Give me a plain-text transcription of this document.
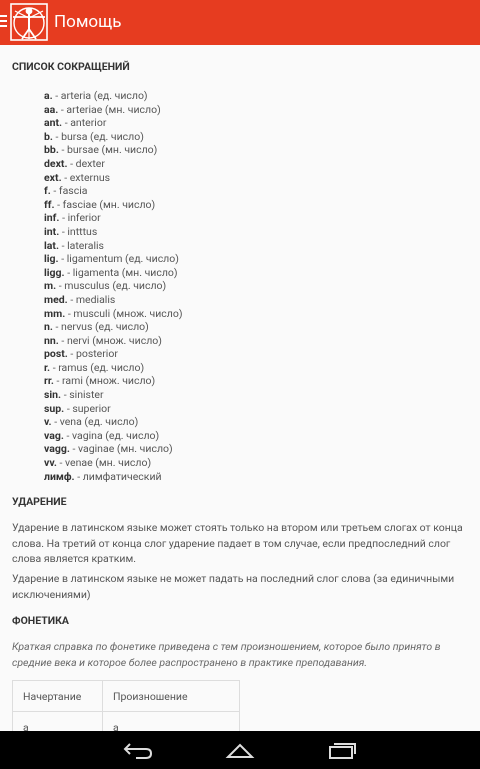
Помощь
СПИСОК СОКРАЩЕНИЙ
a. - arteria (ед. число)
aa. - arteriae (мн. число)
ant. - anterior
b. - bursa (ед. число)
bb. - bursae (мн. число)
dext. - dexter
ext. - externus
f. - fascia
ff. - fasciae (мн. число)
inf. - inferior
int. - intttus
lat. - lateralis
lig. - ligamentum (ед. число)
ligg. - ligamenta (мн. число)
m. - musculus (ед. число)
med. - medialis
mm. - musculi (множ. число)
n. - nervus (ед. число)
nn. - nervi (множ. число)
post. - posterior
r. - ramus (ед. число)
rr. - rami (множ. число)
sin. - sinister
sup. - superior
v. - vena (ед. число)
vag. - vagina (ед. число)
vagg. - vaginae (мн. число)
vv. - venae (мн. число)
лимф. - лимфатический
УДАРЕНИЕ
Ударение в латинском языке может стоять только на втором или третьем слогах от конца слова. На третий от конца слог ударение падает в том случае, если предпоследний слог слова является кратким.
Ударение в латинском языке не может падать на последний слог слова (за единичными исключениями)
ФОНЕТИКА
Краткая справка по фонетике приведена с тем произношением, которое было принято в средние века и которое более распространено в практике преподавания.
Начертание	Произношение
a	a
